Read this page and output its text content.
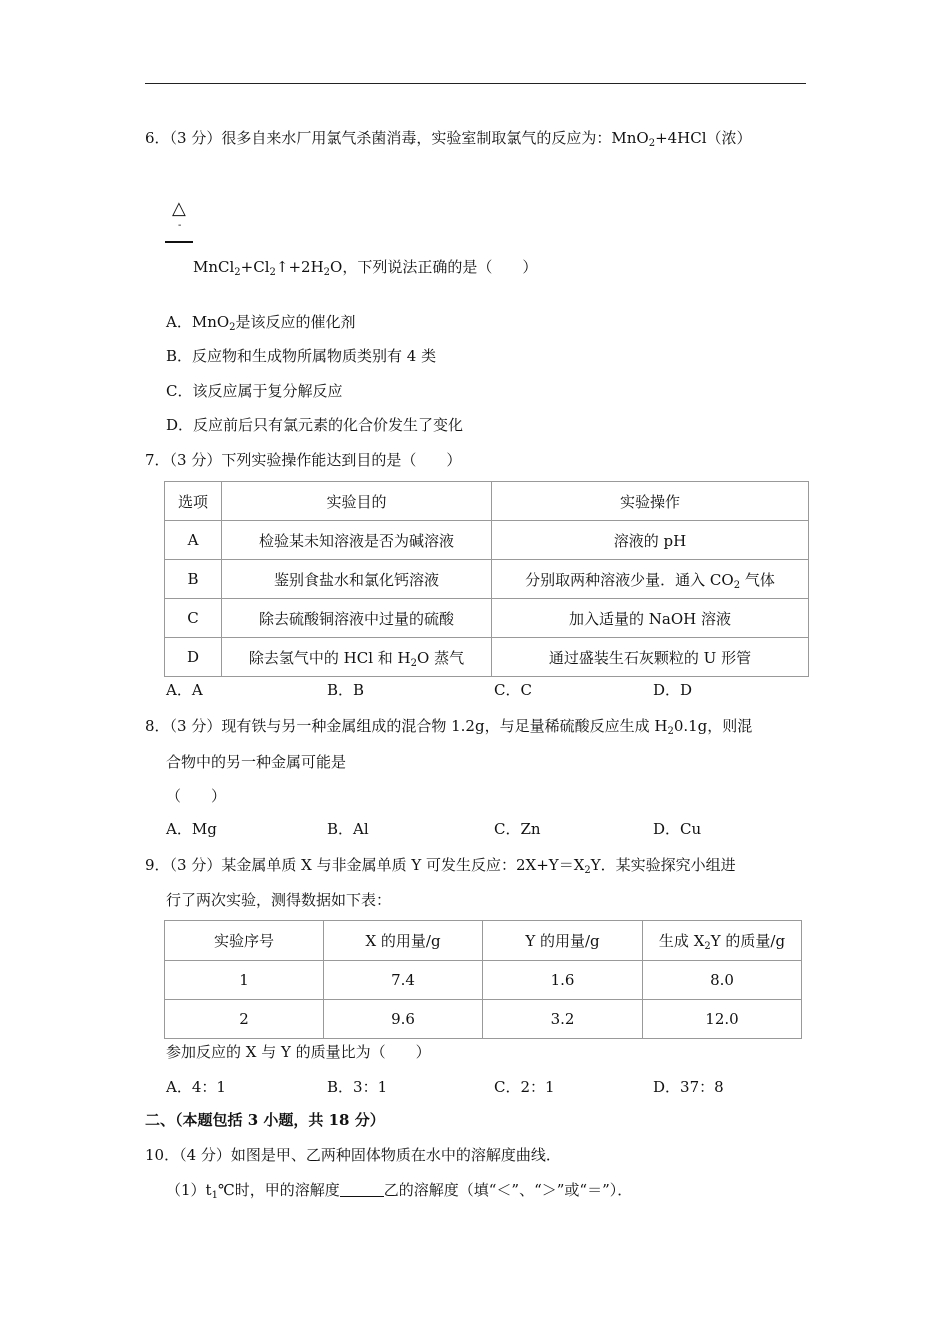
6．（3 分）很多自来水厂用氯气杀菌消毒，实验室制取氯气的反应为：MnO$_2$+4HCl（浓）
△
-
$MnCl_2+Cl_2↑+2H_2O$，下列说法正确的是（　　）
A．MnO$_2$是该反应的催化剂
B．反应物和生成物所属物质类别有 4 类
C．该反应属于复分解反应
D．反应前后只有氯元素的化合价发生了变化
7．（3 分）下列实验操作能达到目的是（　　）
选项	实验目的	实验操作
A	检验某未知溶液是否为碱溶液	溶液的 pH
B	鉴别食盐水和氯化钙溶液	分别取两种溶液少量．通入 $CO_2$ 气体
C	除去硫酸铜溶液中过量的硫酸	加入适量的 NaOH 溶液
D	除去氢气中的 HCl 和 $H_2O$ 蒸气	通过盛装生石灰颗粒的 U 形管
A．A	B．B	C．C	D．D
8．（3 分）现有铁与另一种金属组成的混合物 1.2g，与足量稀硫酸反应生成 $H_20.1g$，则混
合物中的另一种金属可能是
（　　）
A．Mg	B．Al	C．Zn	D．Cu
9．（3 分）某金属单质 X 与非金属单质 Y 可发生反应：$2X+Y=X_2Y$．某实验探究小组进
行了两次实验，测得数据如下表：
实验序号	X 的用量/g	Y 的用量/g	生成 $X_2Y$ 的质量/g
1	7.4	1.6	8.0
2	9.6	3.2	12.0
参加反应的 X 与 Y 的质量比为（　　）
A．4：1	B．3：1	C．2：1	D．37：8
二、（本题包括 3 小题，共 18 分）
10．（4 分）如图是甲、乙两种固体物质在水中的溶解度曲线．
$(1)t_1℃$时，甲的溶解度	乙的溶解度（填“＜”、“＞”或“＝”）．
